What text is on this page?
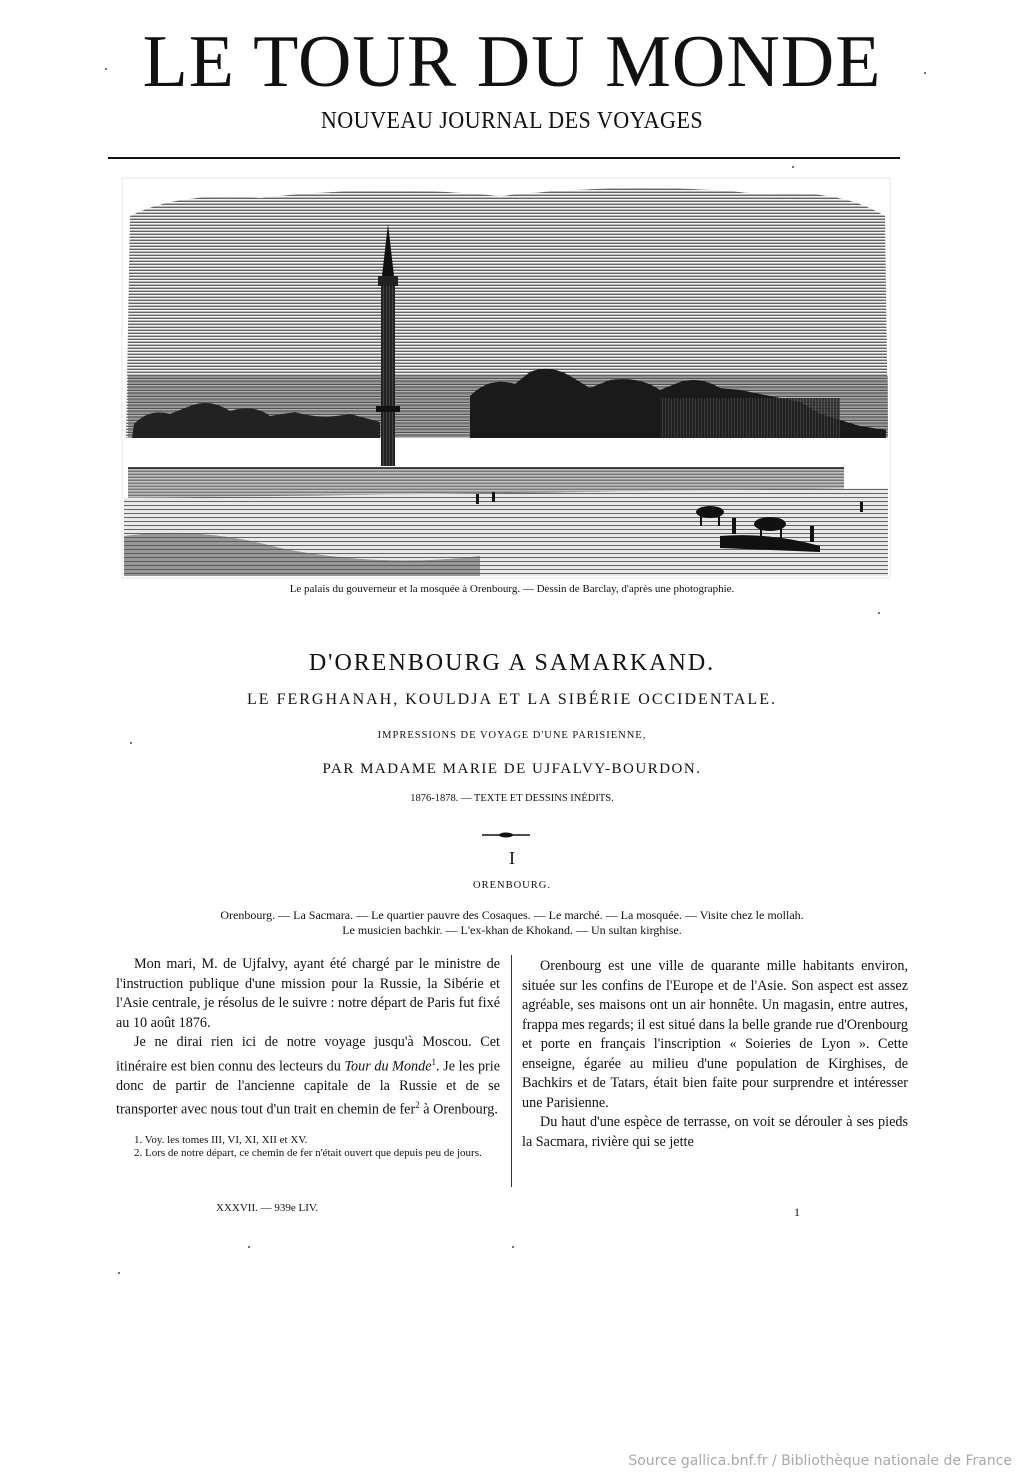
LE TOUR DU MONDE
NOUVEAU JOURNAL DES VOYAGES
Le palais du gouverneur et la mosquée à Orenbourg. — Dessin de Barclay, d'après une photographie.
D'ORENBOURG A SAMARKAND.
LE FERGHANAH, KOULDJA ET LA SIBÉRIE OCCIDENTALE.
IMPRESSIONS DE VOYAGE D'UNE PARISIENNE,
PAR MADAME MARIE DE UJFALVY-BOURDON.
1876-1878. — TEXTE ET DESSINS INÉDITS.
I
ORENBOURG.
Orenbourg. — La Sacmara. — Le quartier pauvre des Cosaques. — Le marché. — La mosquée. — Visite chez le mollah.
Le musicien bachkir. — L'ex-khan de Khokand. — Un sultan kirghise.

Mon mari, M. de Ujfalvy, ayant été chargé par le ministre de l'instruction publique d'une mission pour la Russie, la Sibérie et l'Asie centrale, je résolus de le suivre : notre départ de Paris fut fixé au 10 août 1876.

Je ne dirai rien ici de notre voyage jusqu'à Moscou. Cet itinéraire est bien connu des lecteurs du Tour du Monde$^1$. Je les prie donc de partir de l'ancienne capitale de la Russie et de se transporter avec nous tout d'un trait en chemin de fer$^2$ à Orenbourg.

1. Voy. les tomes III, VI, XI, XII et XV.

2. Lors de notre départ, ce chemin de fer n'était ouvert que depuis peu de jours.

Orenbourg est une ville de quarante mille habitants environ, située sur les confins de l'Europe et de l'Asie. Son aspect est assez agréable, ses maisons ont un air honnête. Un magasin, entre autres, frappa mes regards; il est situé dans la belle grande rue d'Orenbourg et porte en français l'inscription « Soieries de Lyon ». Cette enseigne, égarée au milieu d'une population de Kirghises, de Bachkirs et de Tatars, était bien faite pour surprendre et intéresser une Parisienne.

Du haut d'une espèce de terrasse, on voit se dérouler à ses pieds la Sacmara, rivière qui se jette

XXXVII. — 939e LIV.	1
Source gallica.bnf.fr / Bibliothèque nationale de France
